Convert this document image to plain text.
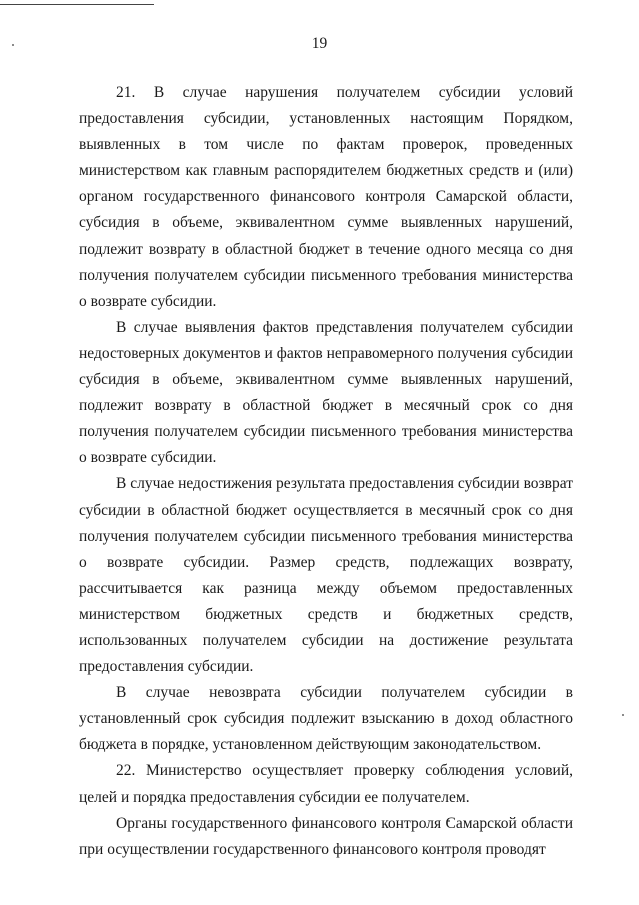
19

21. В случае нарушения получателем субсидии условий предоставления субсидии, установленных настоящим Порядком, выявленных в том числе по фактам проверок, проведенных министерством как главным распорядителем бюджетных средств и (или) органом государственного финансового контроля Самарской области, субсидия в объеме, эквивалентном сумме выявленных нарушений, подлежит возврату в областной бюджет в течение одного месяца со дня получения получателем субсидии письменного требования министерства о возврате субсидии.

В случае выявления фактов представления получателем субсидии недостоверных документов и фактов неправомерного получения субсидии субсидия в объеме, эквивалентном сумме выявленных нарушений, подлежит возврату в областной бюджет в месячный срок со дня получения получателем субсидии письменного требования министерства о возврате субсидии.

В случае недостижения результата предоставления субсидии возврат субсидии в областной бюджет осуществляется в месячный срок со дня получения получателем субсидии письменного требования министерства о возврате субсидии. Размер средств, подлежащих возврату, рассчитывается как разница между объемом предоставленных министерством бюджетных средств и бюджетных средств, использованных получателем субсидии на достижение результата предоставления субсидии.

В случае невозврата субсидии получателем субсидии в установленный срок субсидия подлежит взысканию в доход областного бюджета в порядке, установленном действующим законодательством.

22. Министерство осуществляет проверку соблюдения условий, целей и порядка предоставления субсидии ее получателем.

Органы государственного финансового контроля Самарской области при осуществлении государственного финансового контроля проводят
